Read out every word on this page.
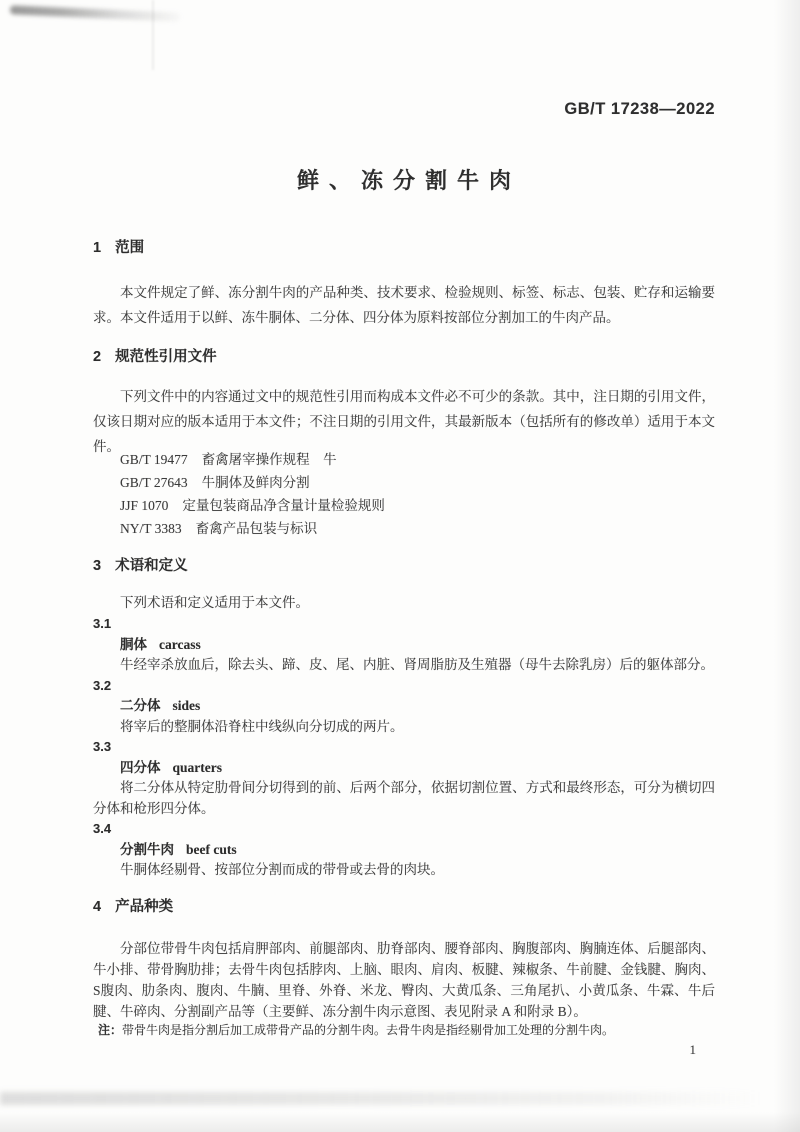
GB/T 17238—2022
鲜、冻分割牛肉
1 范围
本文件规定了鲜、冻分割牛肉的产品种类、技术要求、检验规则、标签、标志、包装、贮存和运输要求。本文件适用于以鲜、冻牛胴体、二分体、四分体为原料按部位分割加工的牛肉产品。
2 规范性引用文件
下列文件中的内容通过文中的规范性引用而构成本文件必不可少的条款。其中，注日期的引用文件，仅该日期对应的版本适用于本文件；不注日期的引用文件，其最新版本（包括所有的修改单）适用于本文件。
GB/T 19477 畜禽屠宰操作规程　牛
GB/T 27643 牛胴体及鲜肉分割
JJF 1070 定量包装商品净含量计量检验规则
NY/T 3383 畜禽产品包装与标识
3 术语和定义
下列术语和定义适用于本文件。
3.1
胴体 carcass
牛经宰杀放血后，除去头、蹄、皮、尾、内脏、肾周脂肪及生殖器（母牛去除乳房）后的躯体部分。
3.2
二分体 sides
将宰后的整胴体沿脊柱中线纵向分切成的两片。
3.3
四分体 quarters
将二分体从特定肋骨间分切得到的前、后两个部分，依据切割位置、方式和最终形态，可分为横切四分体和枪形四分体。
3.4
分割牛肉 beef cuts
牛胴体经剔骨、按部位分割而成的带骨或去骨的肉块。
4 产品种类
分部位带骨牛肉包括肩胛部肉、前腿部肉、肋脊部肉、腰脊部肉、胸腹部肉、胸腩连体、后腿部肉、牛小排、带骨胸肋排；去骨牛肉包括脖肉、上脑、眼肉、肩肉、板腱、辣椒条、牛前腱、金钱腱、胸肉、S腹肉、肋条肉、腹肉、牛腩、里脊、外脊、米龙、臀肉、大黄瓜条、三角尾扒、小黄瓜条、牛霖、牛后腱、牛碎肉、分割副产品等（主要鲜、冻分割牛肉示意图、表见附录 A 和附录 B）。
注：带骨牛肉是指分割后加工成带骨产品的分割牛肉。去骨牛肉是指经剔骨加工处理的分割牛肉。
1
